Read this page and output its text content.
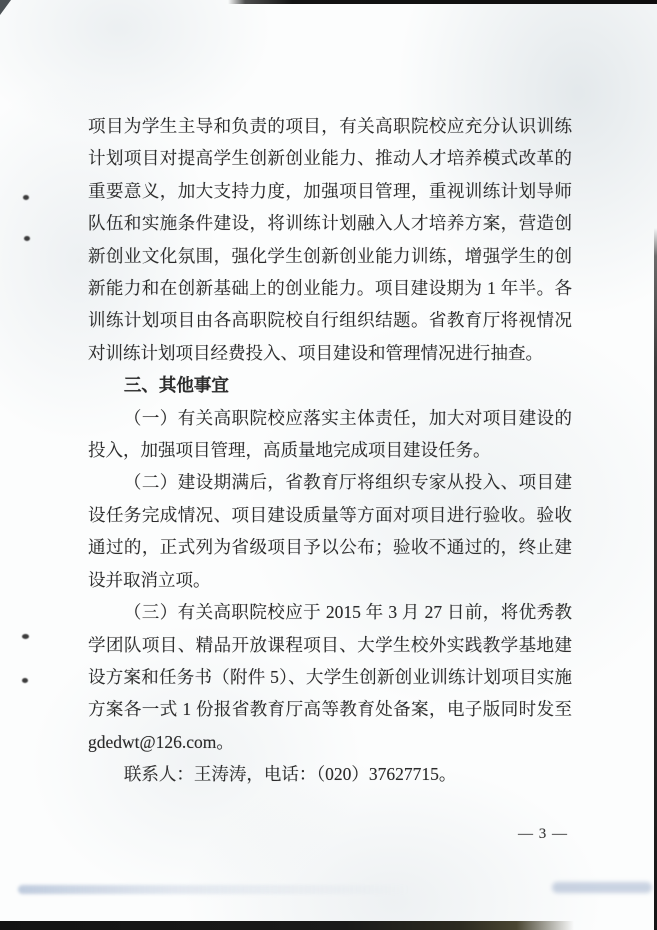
项目为学生主导和负责的项目，有关高职院校应充分认识训练计划项目对提高学生创新创业能力、推动人才培养模式改革的重要意义，加大支持力度，加强项目管理，重视训练计划导师队伍和实施条件建设，将训练计划融入人才培养方案，营造创新创业文化氛围，强化学生创新创业能力训练，增强学生的创新能力和在创新基础上的创业能力。项目建设期为 1 年半。各训练计划项目由各高职院校自行组织结题。省教育厅将视情况对训练计划项目经费投入、项目建设和管理情况进行抽查。

三、其他事宜

（一）有关高职院校应落实主体责任，加大对项目建设的投入，加强项目管理，高质量地完成项目建设任务。

（二）建设期满后，省教育厅将组织专家从投入、项目建设任务完成情况、项目建设质量等方面对项目进行验收。验收通过的，正式列为省级项目予以公布；验收不通过的，终止建设并取消立项。

（三）有关高职院校应于 2015 年 3 月 27 日前，将优秀教学团队项目、精品开放课程项目、大学生校外实践教学基地建设方案和任务书（附件 5）、大学生创新创业训练计划项目实施方案各一式 1 份报省教育厅高等教育处备案，电子版同时发至 gdedwt@126.com。

联系人：王涛涛，电话：（020）37627715。

— 3 —
